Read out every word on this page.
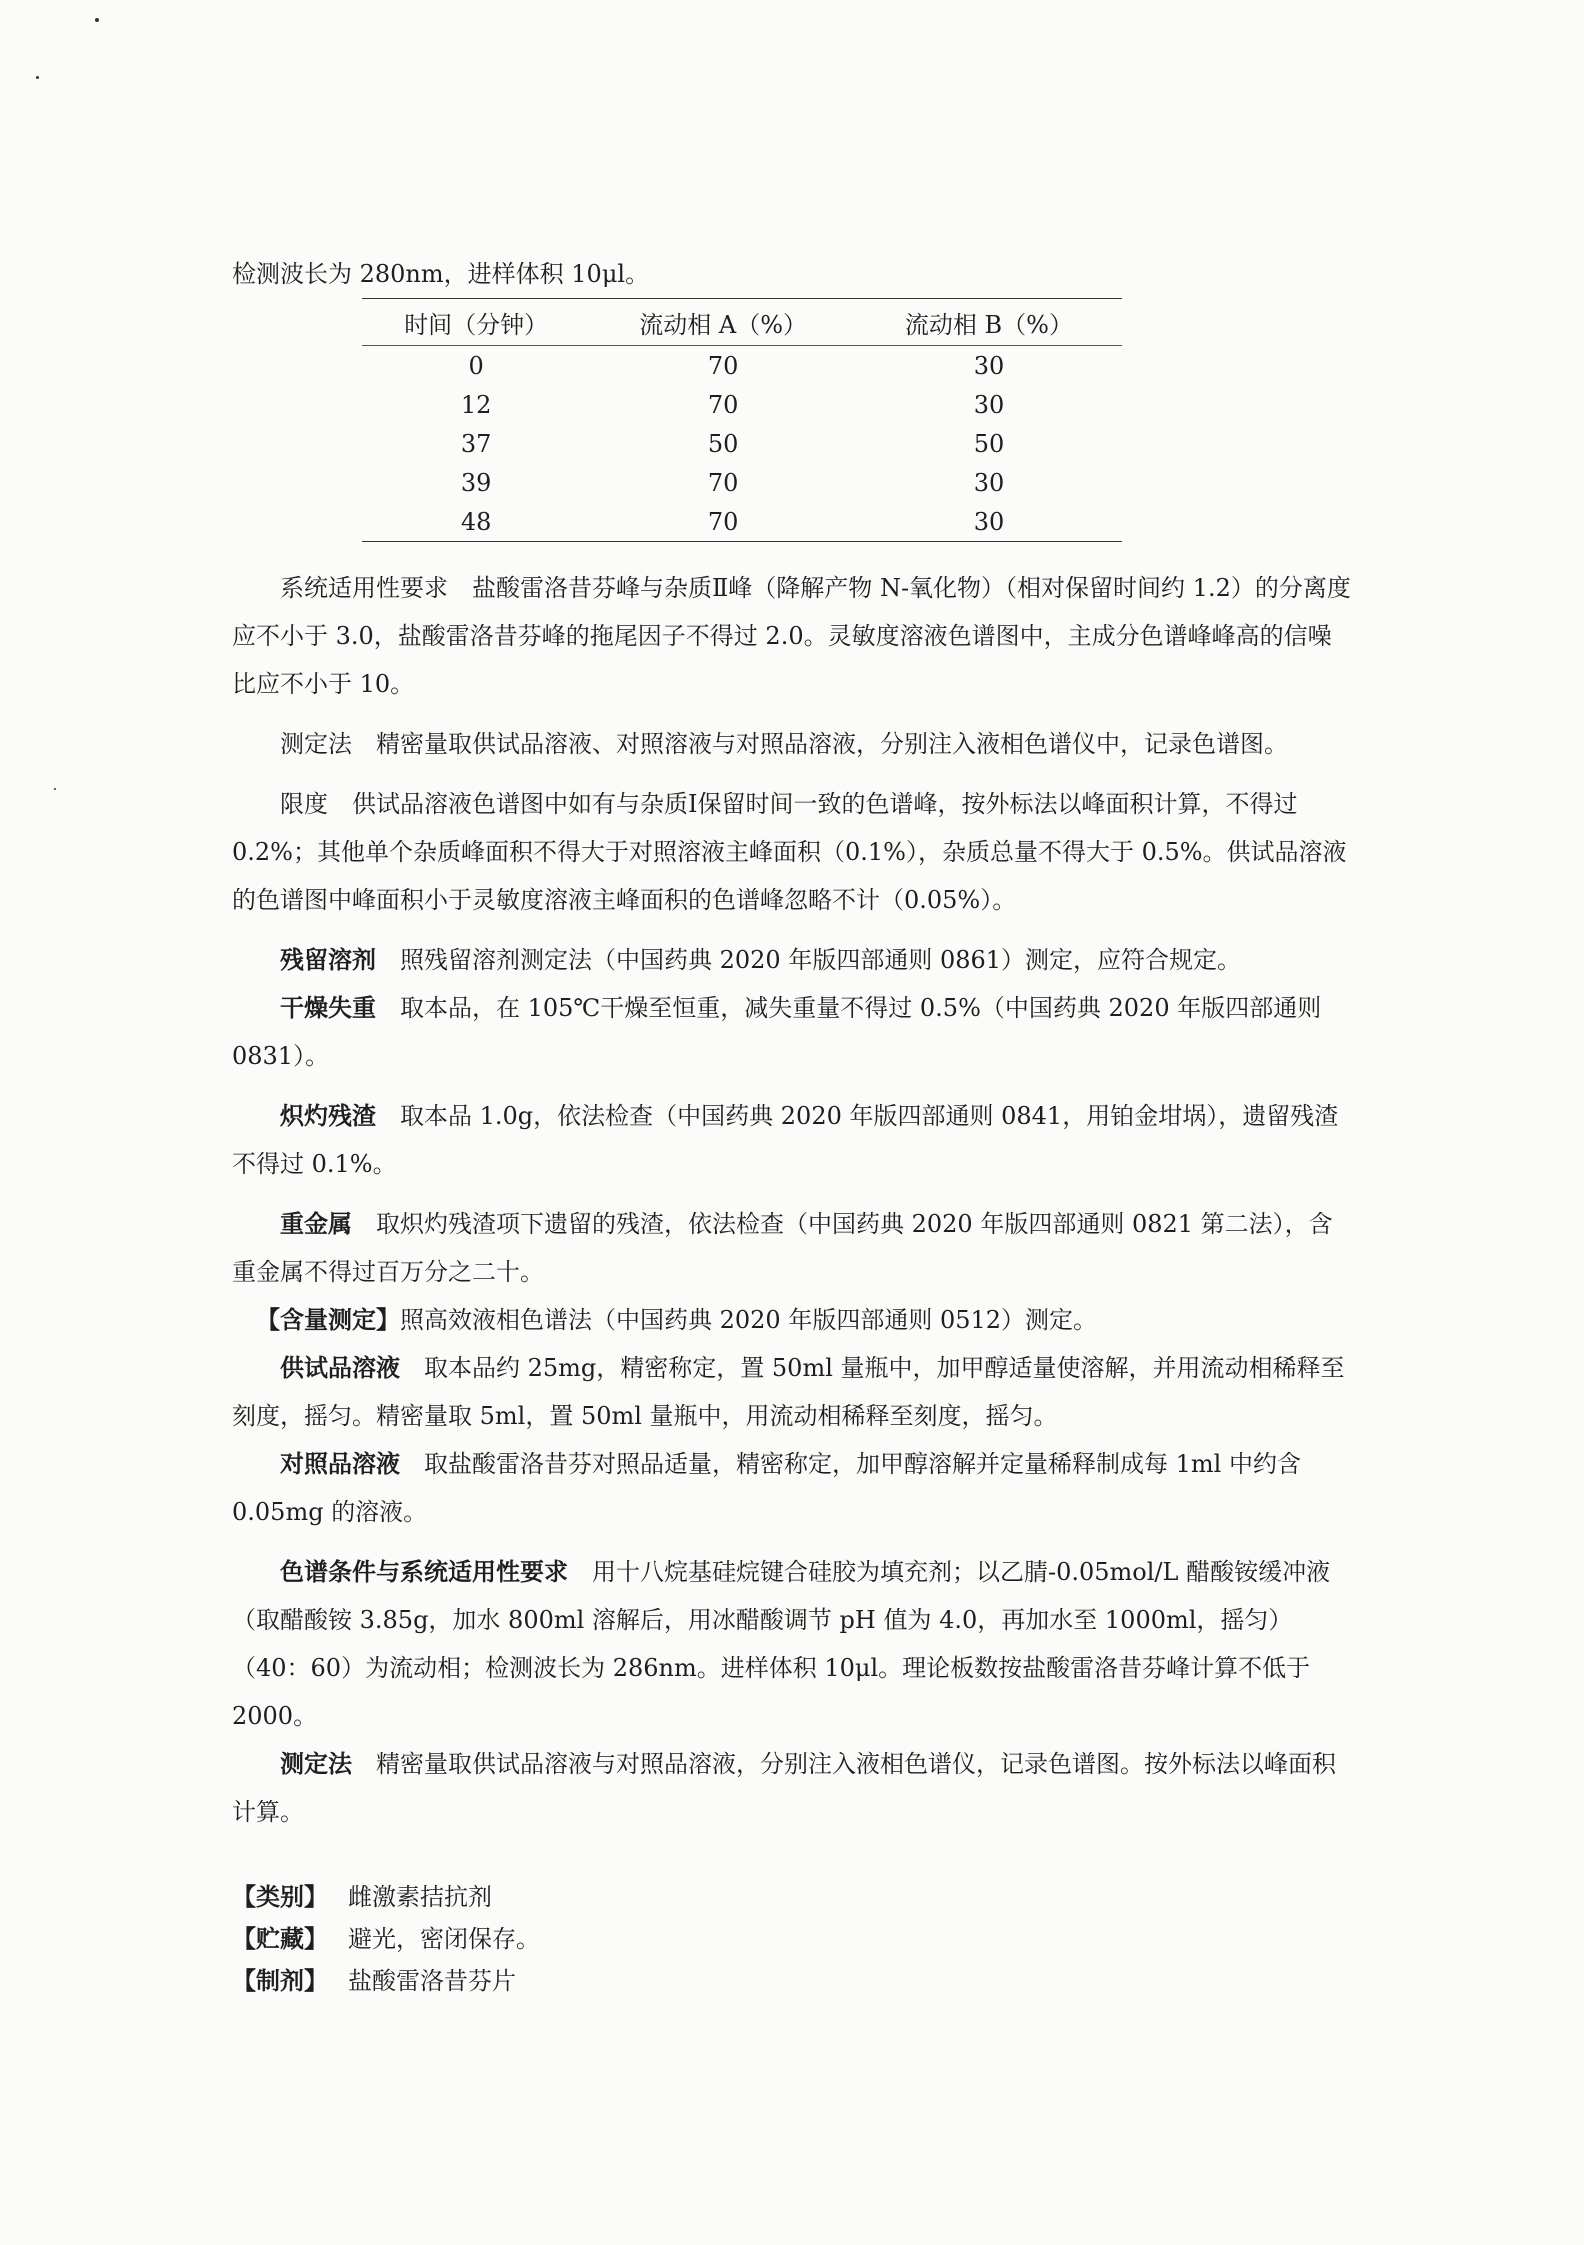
检测波长为 280nm，进样体积 10μl。
时间（分钟）	流动相 A（%）	流动相 B（%）
0	70	30
12	70	30
37	50	50
39	70	30
48	70	30
系统适用性要求　盐酸雷洛昔芬峰与杂质Ⅱ峰（降解产物 N-氧化物）（相对保留时间约 1.2）的分离度应不小于 3.0，盐酸雷洛昔芬峰的拖尾因子不得过 2.0。灵敏度溶液色谱图中，主成分色谱峰峰高的信噪比应不小于 10。
测定法　精密量取供试品溶液、对照溶液与对照品溶液，分别注入液相色谱仪中，记录色谱图。
限度　供试品溶液色谱图中如有与杂质Ⅰ保留时间一致的色谱峰，按外标法以峰面积计算，不得过 0.2%；其他单个杂质峰面积不得大于对照溶液主峰面积（0.1%），杂质总量不得大于 0.5%。供试品溶液的色谱图中峰面积小于灵敏度溶液主峰面积的色谱峰忽略不计（0.05%）。
残留溶剂　 照残留溶剂测定法（中国药典 2020 年版四部通则 0861）测定，应符合规定。
干燥失重　 取本品，在 105℃干燥至恒重，减失重量不得过 0.5%（中国药典 2020 年版四部通则 0831）。
炽灼残渣　 取本品 1.0g，依法检查（中国药典 2020 年版四部通则 0841，用铂金坩埚），遗留残渣不得过 0.1%。
重金属　 取炽灼残渣项下遗留的残渣，依法检查（中国药典 2020 年版四部通则 0821 第二法），含重金属不得过百万分之二十。
【含量测定】照高效液相色谱法（中国药典 2020 年版四部通则 0512）测定。
供试品溶液　 取本品约 25mg，精密称定，置 50ml 量瓶中，加甲醇适量使溶解，并用流动相稀释至刻度，摇匀。精密量取 5ml，置 50ml 量瓶中，用流动相稀释至刻度，摇匀。
对照品溶液　 取盐酸雷洛昔芬对照品适量，精密称定，加甲醇溶解并定量稀释制成每 1ml 中约含 0.05mg 的溶液。
色谱条件与系统适用性要求　 用十八烷基硅烷键合硅胶为填充剂；以乙腈-0.05mol/L 醋酸铵缓冲液（取醋酸铵 3.85g，加水 800ml 溶解后，用冰醋酸调节 pH 值为 4.0，再加水至 1000ml，摇匀）（40：60）为流动相；检测波长为 286nm。进样体积 10μl。理论板数按盐酸雷洛昔芬峰计算不低于 2000。
测定法　 精密量取供试品溶液与对照品溶液，分别注入液相色谱仪，记录色谱图。按外标法以峰面积计算。
【类别】 雌激素拮抗剂
【贮藏】 避光，密闭保存。
【制剂】 盐酸雷洛昔芬片
